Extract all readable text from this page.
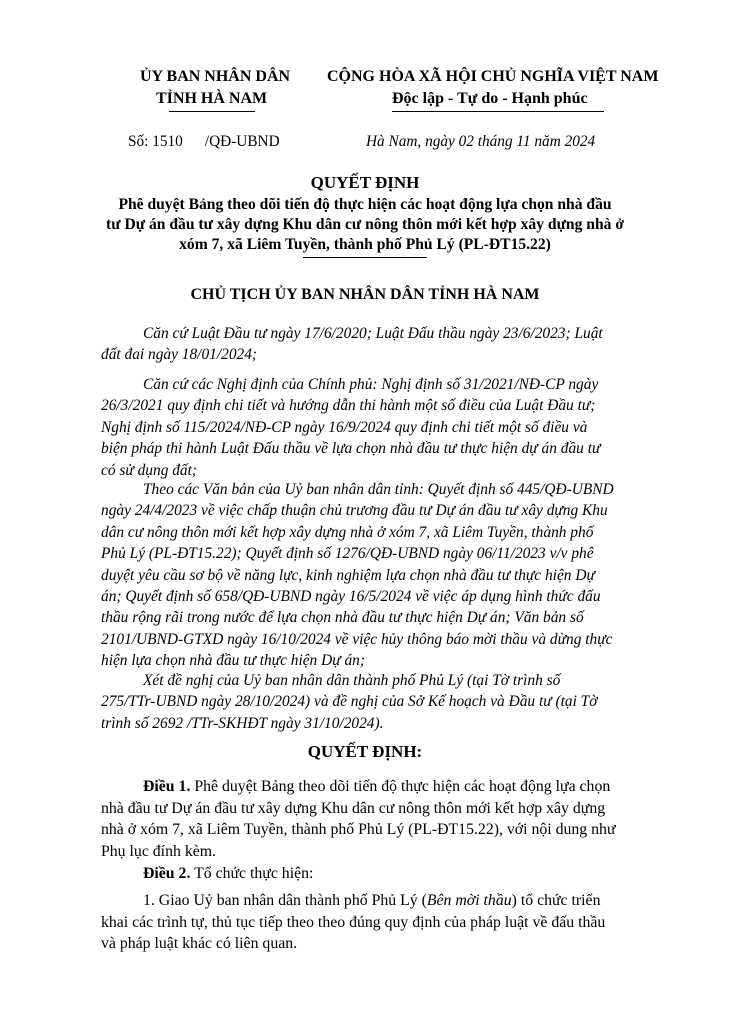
ỦY BAN NHÂN DÂN
TỈNH HÀ NAM
CỘNG HÒA XÃ HỘI CHỦ NGHĨA VIỆT NAM
Độc lập - Tự do - Hạnh phúc
Số: 1510 /QĐ-UBND	Hà Nam, ngày 02 tháng 11 năm 2024
QUYẾT ĐỊNH
Phê duyệt Bảng theo dõi tiến độ thực hiện các hoạt động lựa chọn nhà đầu
tư Dự án đầu tư xây dựng Khu dân cư nông thôn mới kết hợp xây dựng nhà ở
xóm 7, xã Liêm Tuyền, thành phố Phủ Lý (PL-ĐT15.22)
CHỦ TỊCH ỦY BAN NHÂN DÂN TỈNH HÀ NAM
Căn cứ Luật Đầu tư ngày 17/6/2020; Luật Đấu thầu ngày 23/6/2023; Luật
đất đai ngày 18/01/2024;
Căn cứ các Nghị định của Chính phủ: Nghị định số 31/2021/NĐ-CP ngày
26/3/2021 quy định chi tiết và hướng dẫn thi hành một số điều của Luật Đầu tư;
Nghị định số 115/2024/NĐ-CP ngày 16/9/2024 quy định chi tiết một số điều và
biện pháp thi hành Luật Đấu thầu về lựa chọn nhà đầu tư thực hiện dự án đầu tư
có sử dụng đất;
Theo các Văn bản của Uỷ ban nhân dân tỉnh: Quyết định số 445/QĐ-UBND
ngày 24/4/2023 về việc chấp thuận chủ trương đầu tư Dự án đầu tư xây dựng Khu
dân cư nông thôn mới kết hợp xây dựng nhà ở xóm 7, xã Liêm Tuyền, thành phố
Phủ Lý (PL-ĐT15.22); Quyết định số 1276/QĐ-UBND ngày 06/11/2023 v/v phê
duyệt yêu cầu sơ bộ về năng lực, kinh nghiệm lựa chọn nhà đầu tư thực hiện Dự
án; Quyết định số 658/QĐ-UBND ngày 16/5/2024 về việc áp dụng hình thức đấu
thầu rộng rãi trong nước để lựa chọn nhà đầu tư thực hiện Dự án; Văn bản số
2101/UBND-GTXD ngày 16/10/2024 về việc hủy thông báo mời thầu và dừng thực
hiện lựa chọn nhà đầu tư thực hiện Dự án;
Xét đề nghị của Uỷ ban nhân dân thành phố Phủ Lý (tại Tờ trình số
275/TTr-UBND ngày 28/10/2024) và đề nghị của Sở Kế hoạch và Đầu tư (tại Tờ
trình số 2692 /TTr-SKHĐT ngày 31/10/2024).
QUYẾT ĐỊNH:
Điều 1. Phê duyệt Bảng theo dõi tiến độ thực hiện các hoạt động lựa chọn
nhà đầu tư Dự án đầu tư xây dựng Khu dân cư nông thôn mới kết hợp xây dựng
nhà ở xóm 7, xã Liêm Tuyền, thành phố Phủ Lý (PL-ĐT15.22), với nội dung như
Phụ lục đính kèm.
Điều 2. Tổ chức thực hiện:
1. Giao Uỷ ban nhân dân thành phố Phủ Lý (Bên mời thầu) tổ chức triển
khai các trình tự, thủ tục tiếp theo theo đúng quy định của pháp luật về đấu thầu
và pháp luật khác có liên quan.
